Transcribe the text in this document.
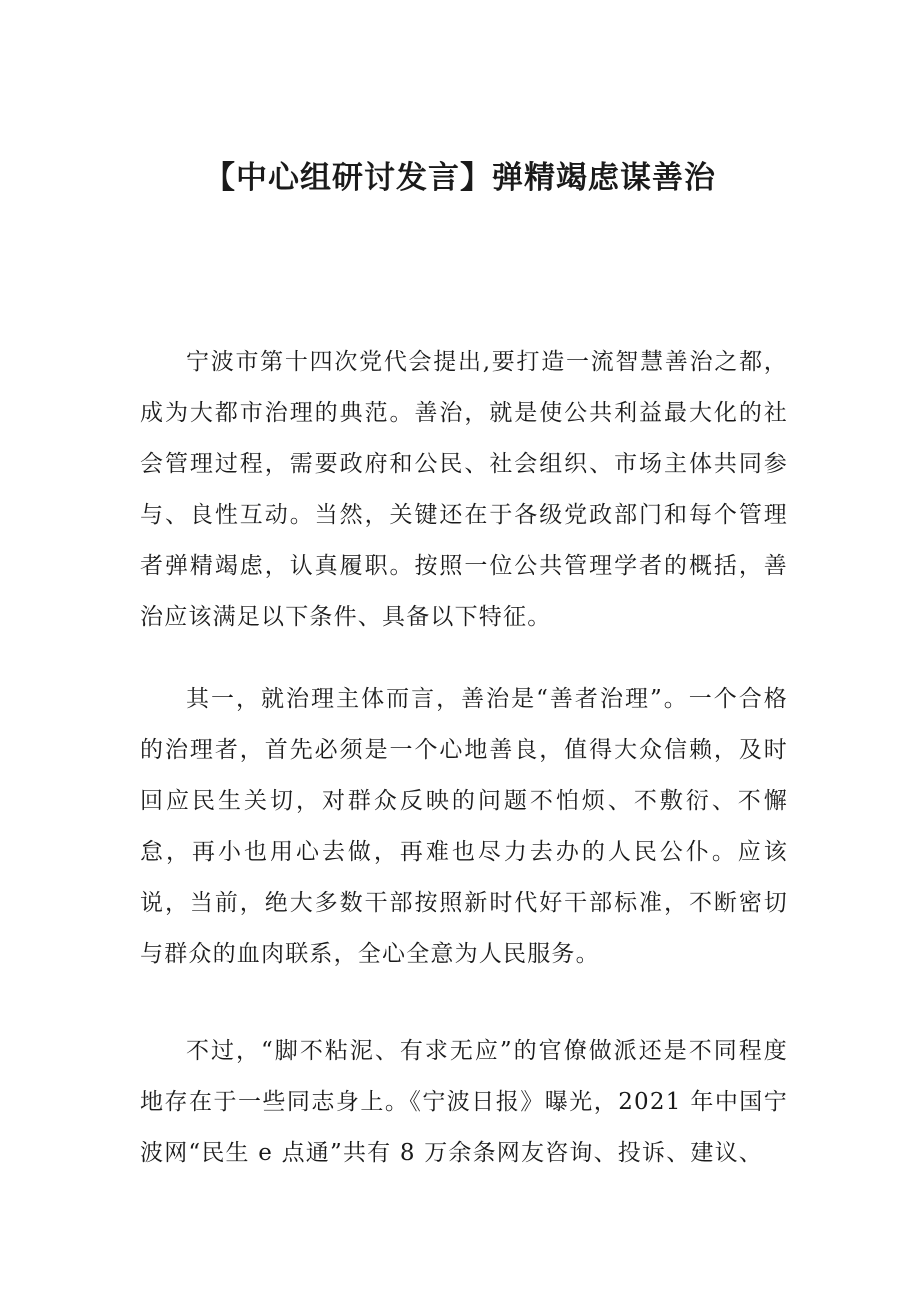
【中心组研讨发言】弹精竭虑谋善治

宁波市第十四次党代会提出,要打造一流智慧善治之都，成为大都市治理的典范。善治，就是使公共利益最大化的社会管理过程，需要政府和公民、社会组织、市场主体共同参与、良性互动。当然，关键还在于各级党政部门和每个管理者弹精竭虑，认真履职。按照一位公共管理学者的概括，善治应该满足以下条件、具备以下特征。

其一，就治理主体而言，善治是“善者治理”。一个合格的治理者，首先必须是一个心地善良，值得大众信赖，及时回应民生关切，对群众反映的问题不怕烦、不敷衍、不懈怠，再小也用心去做，再难也尽力去办的人民公仆。应该说，当前，绝大多数干部按照新时代好干部标准，不断密切与群众的血肉联系，全心全意为人民服务。

不过，“脚不粘泥、有求无应”的官僚做派还是不同程度地存在于一些同志身上。《宁波日报》曝光，2021 年中国宁波网“民生 e 点通”共有 8 万余条网友咨询、投诉、建议、
